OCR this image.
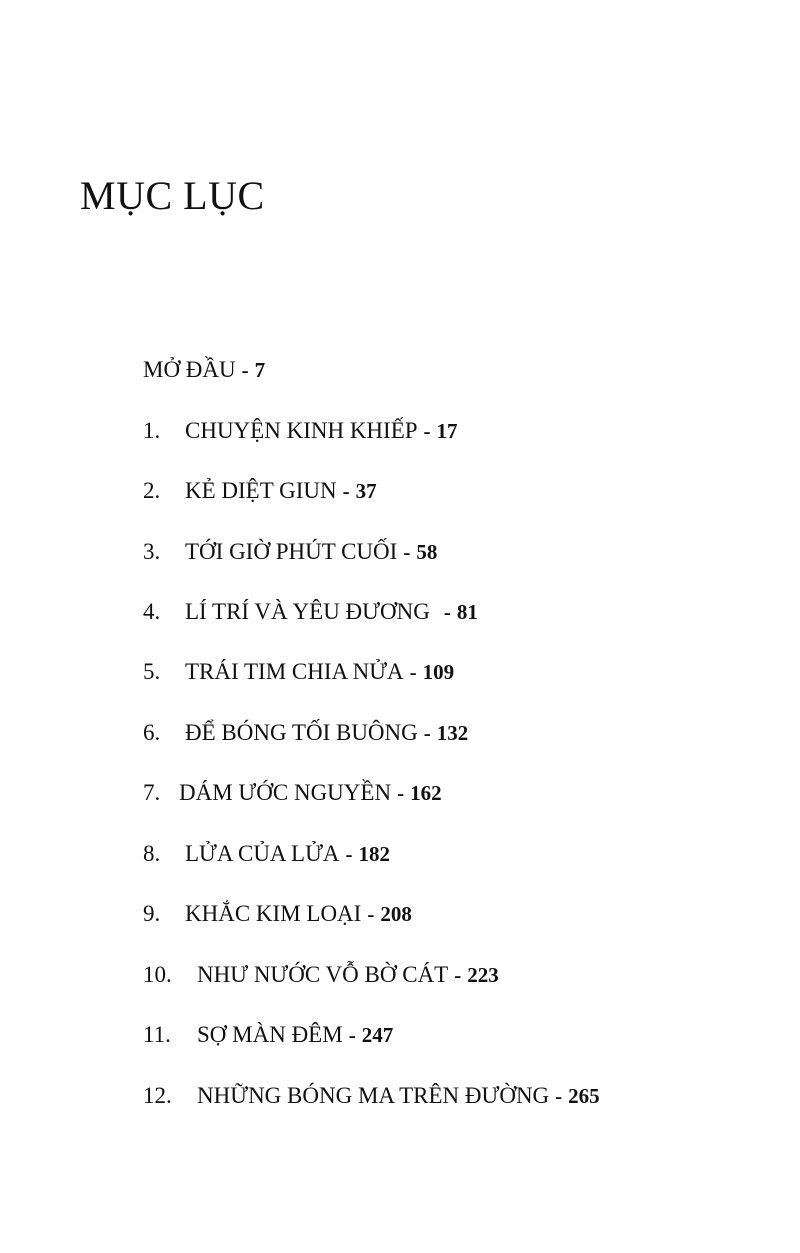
MỤC LỤC
MỞ ĐẦU - 7
1.	CHUYỆN KINH KHIẾP - 17
2.	KẺ DIỆT GIUN - 37
3.	TỚI GIỜ PHÚT CUỐI - 58
4.	LÍ TRÍ VÀ YÊU ĐƯƠNG - 81
5.	TRÁI TIM CHIA NỬA - 109
6.	ĐỂ BÓNG TỐI BUÔNG - 132
7. DÁM ƯỚC NGUYỀN - 162
8.	LỬA CỦA LỬA - 182
9.	KHẮC KIM LOẠI - 208
10.	NHƯ NƯỚC VỖ BỜ CÁT - 223
11.	SỢ MÀN ĐÊM - 247
12.	NHỮNG BÓNG MA TRÊN ĐƯỜNG - 265
